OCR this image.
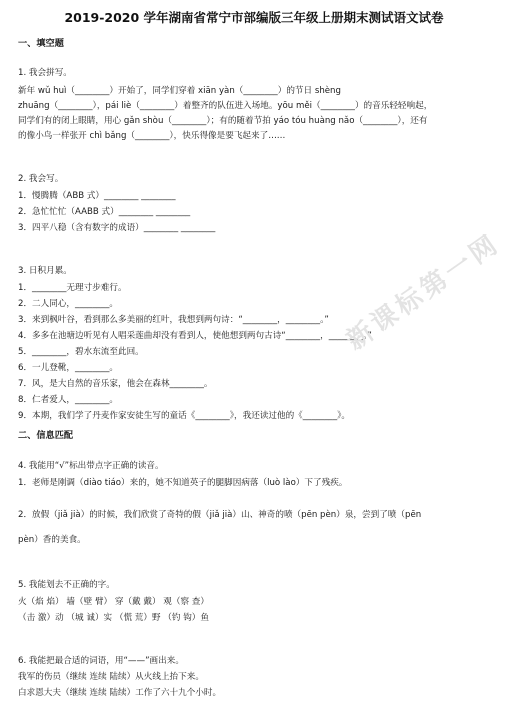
2019-2020 学年湖南省常宁市部编版三年级上册期末测试语文试卷
一、填空题
1. 我会拼写。
新年 wǔ huì（________）开始了，同学们穿着 xiān yàn（________）的节日 shèng
zhuāng（________），pái liè（________）着整齐的队伍进入场地。yōu měi（________）的音乐轻轻响起，
同学们有的闭上眼睛，用心 gǎn shòu（________）；有的随着节拍 yáo tóu huàng nǎo（________），还有
的像小鸟一样张开 chì bǎng（________），快乐得像是要飞起来了……
2. 我会写。
1．慢腾腾（ABB 式）________ ________
2．急忙忙忙（AABB 式）________ ________
3．四平八稳（含有数字的成语）________ ________
3. 日积月累。
1．________无理寸步难行。
2．二人同心，________。
3．来到枫叶谷，看到那么多美丽的红叶，我想到两句诗：“________，________。”
4．多多在池塘边听见有人唱采莲曲却没有看到人，使他想到两句古诗“________，________。”
5．________，碧水东流至此回。
6．一儿登靴，________。
7．风，是大自然的音乐家，他会在森林________。
8．仁者爱人，________。
9．本期，我们学了丹麦作家安徒生写的童话《________》，我还读过他的《________》。
二、信息匹配
4. 我能用“√”标出带点字正确的读音。
1．老师是刚调（diào tiáo）来的，她不知道英子的腿脚因病落（luò lào）下了残疾。
2．放假（jiǎ jià）的时候，我们欣赏了奇特的假（jiǎ jià）山、神奇的喷（pēn pèn）泉，尝到了喷（pēn
pèn）香的美食。
5. 我能划去不正确的字。
火（焰 焰） 墙（壁 臂） 穿（戴 戴） 观（察 查）
（击 激）动 （城 诚）实 （慌 荒）野 （钓 钩）鱼
6. 我能把最合适的词语，用“——”画出来。
我军的伤员（继续 连续 陆续）从火线上抬下来。
白求恩大夫（继续 连续 陆续）工作了六十九个小时。
新课标第一网
